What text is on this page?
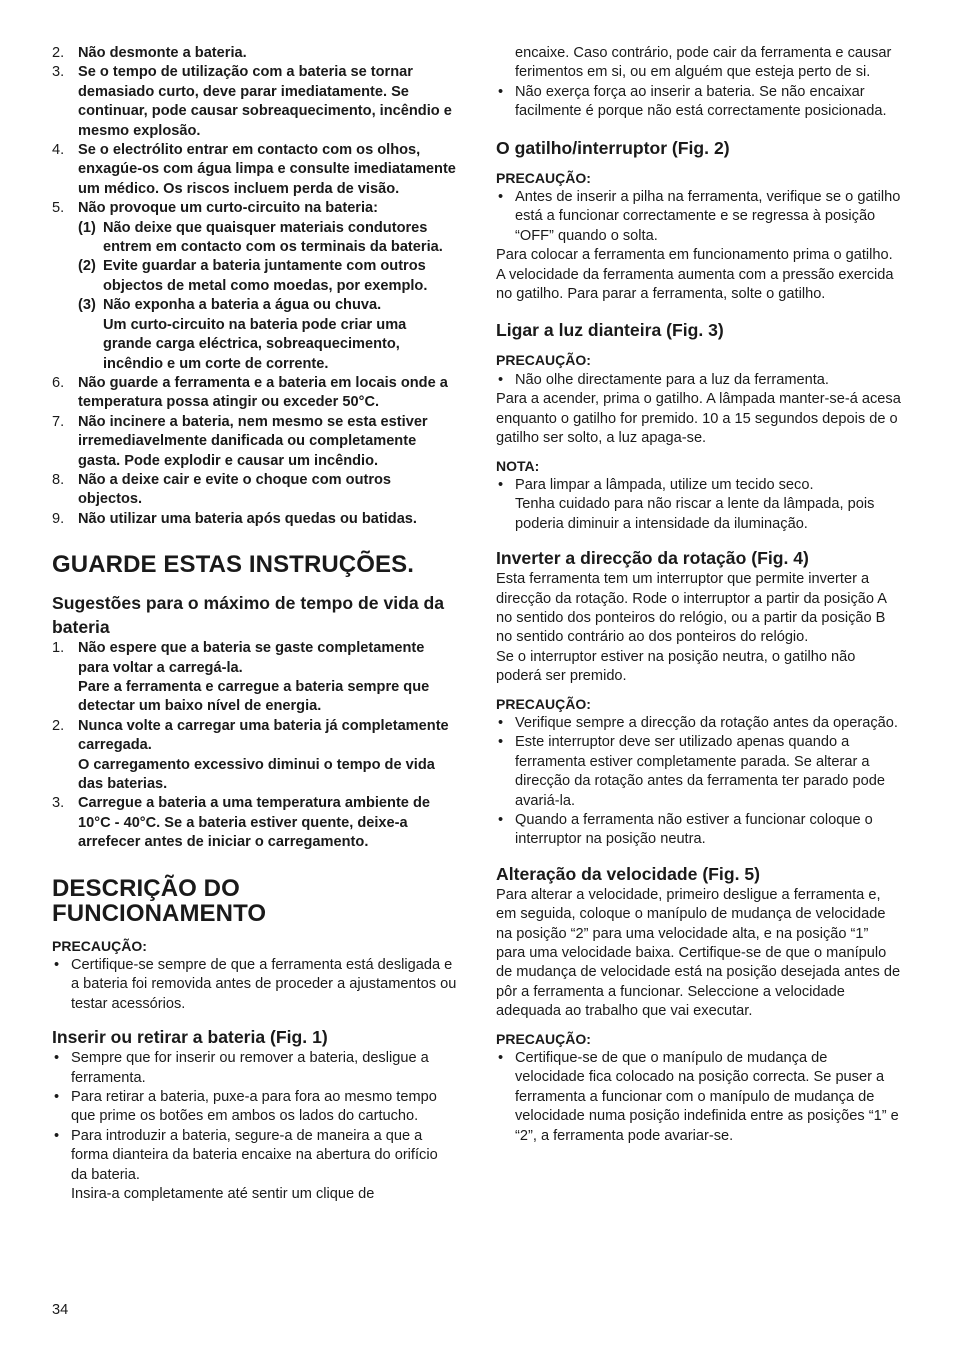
2. Não desmonte a bateria.
3. Se o tempo de utilização com a bateria se tornar demasiado curto, deve parar imediatamente. Se continuar, pode causar sobreaquecimento, incêndio e mesmo explosão.
4. Se o electrólito entrar em contacto com os olhos, enxagúe-os com água limpa e consulte imediatamente um médico. Os riscos incluem perda de visão.
5. Não provoque um curto-circuito na bateria:
(1) Não deixe que quaisquer materiais condutores entrem em contacto com os terminais da bateria.
(2) Evite guardar a bateria juntamente com outros objectos de metal como moedas, por exemplo.
(3) Não exponha a bateria a água ou chuva.
Um curto-circuito na bateria pode criar uma grande carga eléctrica, sobreaquecimento, incêndio e um corte de corrente.
6. Não guarde a ferramenta e a bateria em locais onde a temperatura possa atingir ou exceder 50°C.
7. Não incinere a bateria, nem mesmo se esta estiver irremediavelmente danificada ou completamente gasta. Pode explodir e causar um incêndio.
8. Não a deixe cair e evite o choque com outros objectos.
9. Não utilizar uma bateria após quedas ou batidas.
GUARDE ESTAS INSTRUÇÕES.
Sugestões para o máximo de tempo de vida da bateria
1. Não espere que a bateria se gaste completamente para voltar a carregá-la.
Pare a ferramenta e carregue a bateria sempre que detectar um baixo nível de energia.
2. Nunca volte a carregar uma bateria já completamente carregada.
O carregamento excessivo diminui o tempo de vida das baterias.
3. Carregue a bateria a uma temperatura ambiente de 10°C - 40°C. Se a bateria estiver quente, deixe-a arrefecer antes de iniciar o carregamento.
DESCRIÇÃO DO FUNCIONAMENTO
PRECAUÇÃO:
• Certifique-se sempre de que a ferramenta está desligada e a bateria foi removida antes de proceder a ajustamentos ou testar acessórios.
Inserir ou retirar a bateria (Fig. 1)
• Sempre que for inserir ou remover a bateria, desligue a ferramenta.
• Para retirar a bateria, puxe-a para fora ao mesmo tempo que prime os botões em ambos os lados do cartucho.
• Para introduzir a bateria, segure-a de maneira a que a forma dianteira da bateria encaixe na abertura do orifício da bateria.
Insira-a completamente até sentir um clique de
encaixe. Caso contrário, pode cair da ferramenta e causar ferimentos em si, ou em alguém que esteja perto de si.
• Não exerça força ao inserir a bateria. Se não encaixar facilmente é porque não está correctamente posicionada.
O gatilho/interruptor (Fig. 2)
PRECAUÇÃO:
• Antes de inserir a pilha na ferramenta, verifique se o gatilho está a funcionar correctamente e se regressa à posição “OFF” quando o solta.
Para colocar a ferramenta em funcionamento prima o gatilho. A velocidade da ferramenta aumenta com a pressão exercida no gatilho. Para parar a ferramenta, solte o gatilho.
Ligar a luz dianteira (Fig. 3)
PRECAUÇÃO:
• Não olhe directamente para a luz da ferramenta.
Para a acender, prima o gatilho. A lâmpada manter-se-á acesa enquanto o gatilho for premido. 10 a 15 segundos depois de o gatilho ser solto, a luz apaga-se.
NOTA:
• Para limpar a lâmpada, utilize um tecido seco.
Tenha cuidado para não riscar a lente da lâmpada, pois poderia diminuir a intensidade da iluminação.
Inverter a direcção da rotação (Fig. 4)
Esta ferramenta tem um interruptor que permite inverter a direcção da rotação. Rode o interruptor a partir da posição A no sentido dos ponteiros do relógio, ou a partir da posição B no sentido contrário ao dos ponteiros do relógio.
Se o interruptor estiver na posição neutra, o gatilho não poderá ser premido.
PRECAUÇÃO:
• Verifique sempre a direcção da rotação antes da operação.
• Este interruptor deve ser utilizado apenas quando a ferramenta estiver completamente parada. Se alterar a direcção da rotação antes da ferramenta ter parado pode avariá-la.
• Quando a ferramenta não estiver a funcionar coloque o interruptor na posição neutra.
Alteração da velocidade (Fig. 5)
Para alterar a velocidade, primeiro desligue a ferramenta e, em seguida, coloque o manípulo de mudança de velocidade na posição “2” para uma velocidade alta, e na posição “1” para uma velocidade baixa. Certifique-se de que o manípulo de mudança de velocidade está na posição desejada antes de pôr a ferramenta a funcionar. Seleccione a velocidade adequada ao trabalho que vai executar.
PRECAUÇÃO:
• Certifique-se de que o manípulo de mudança de velocidade fica colocado na posição correcta. Se puser a ferramenta a funcionar com o manípulo de mudança de velocidade numa posição indefinida entre as posições “1” e “2”, a ferramenta pode avariar-se.
34
